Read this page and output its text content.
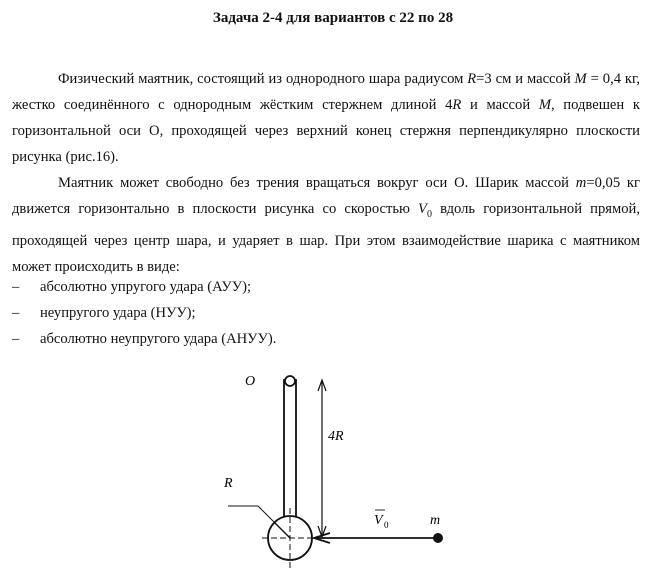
Задача 2-4 для вариантов с 22 по 28
Физический маятник, состоящий из однородного шара радиусом R=3 см и массой M = 0,4 кг, жестко соединённого с однородным жёстким стержнем длиной 4R и массой M, подвешен к горизонтальной оси О, проходящей через верхний конец стержня перпендикулярно плоскости рисунка (рис.16).
Маятник может свободно без трения вращаться вокруг оси О. Шарик массой m=0,05 кг движется горизонтально в плоскости рисунка со скоростью $V_0$ вдоль горизонтальной прямой, проходящей через центр шара, и ударяет в шар. При этом взаимодействие шарика с маятником может происходить в виде:
– абсолютно упругого удара (АУУ);
– неупругого удара (НУУ);
– абсолютно неупругого удара (АНУУ).
O
4R
R
V 0	m
